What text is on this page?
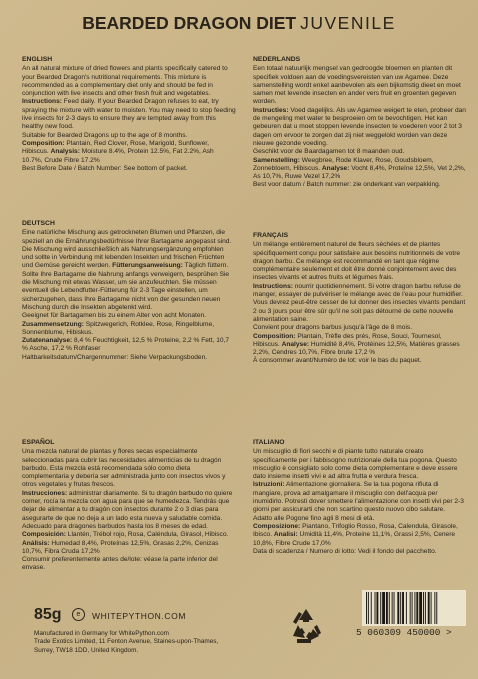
BEARDED DRAGON DIET JUVENILE
ENGLISH

An all natural mixture of dried flowers and plants specifically catered to your Bearded Dragon's nutritional requirements. This mixture is recommended as a complementary diet only and should be fed in conjunction with live insects and other fresh fruit and vegetables.

Instructions: Feed daily. If your Bearded Dragon refuses to eat, try spraying the mixture with water to moisten. You may need to stop feeding live insects for 2-3 days to ensure they are tempted away from this healthy new food.

Suitable for Bearded Dragons up to the age of 8 months.

Composition: Plantain, Red Clover, Rose, Marigold, Sunflower, Hibiscus. Analysis: Moisture 8.4%, Protein 12.5%, Fat 2.2%, Ash 10.7%, Crude Fibre 17.2%

Best Before Date / Batch Number: See bottom of packet.

DEUTSCH

Eine natürliche Mischung aus getrockneten Blumen und Pflanzen, die speziell an die Ernährungsbedürfnisse Ihrer Bartagame angepasst sind. Die Mischung wird ausschließlich als Nahrungsergänzung empfohlen und sollte in Verbindung mit lebenden Insekten und frischen Früchten und Gemüse gereicht werden. Fütterungsanweisung: Täglich füttern. Sollte Ihre Bartagame die Nahrung anfangs verweigern, besprühen Sie die Mischung mit etwas Wasser, um sie anzufeuchten. Sie müssen eventuell die Lebendfutter-Fütterung für 2-3 Tage einstellen, um sicherzugehen, dass Ihre Bartagame nicht von der gesunden neuen Mischung durch die Insekten abgelenkt wird.

Geeignet für Bartagamen bis zu einem Alter von acht Monaten.

Zusammensetzung: Spitzwegerich, Rotklee, Rose, Ringelblume, Sonnenblume, Hibiskus.

Zutatenanalyse: 8,4 % Feuchtigkeit, 12,5 % Proteine, 2,2 % Fett, 10,7 % Asche, 17,2 % Rohfaser

Haltbarkeitsdatum/Chargennummer: Siehe Verpackungsboden.

ESPAÑOL

Una mezcla natural de plantas y flores secas especialmente seleccionadas para cubrir las necesidades alimenticias de tu dragón barbudo. Esta mezcla está recomendada sólo como dieta complementaria y debería ser administrada junto con insectos vivos y otros vegetales y frutas frescos.

Instrucciones: administrar diariamente. Si tu dragón barbudo no quiere comer, rocía la mezcla con agua para que se humedezca. Tendrás que dejar de alimentar a tu dragón con insectos durante 2 o 3 días para asegurarte de que no deja a un lado esta nueva y saludable comida.

Adecuado para dragones barbudos hasta los 8 meses de edad.

Composición: Llantén, Trébol rojo, Rosa, Caléndula, Girasol, Hibisco. Análisis: Humedad 8,4%, Proteínas 12,5%, Grasas 2,2%, Cenizas 10,7%, Fibra Cruda 17,2%

Consumir preferentemente antes de/lote: véase la parte inferior del envase.

NEDERLANDS

Een totaal natuurlijk mengsel van gedroogde bloemen en planten dit specifiek voldoen aan de voedingsvereisten van uw Agamee. Deze samenstelling wordt enkel aanbevolen als een bijkomstig dieet en moet samen met levende insecten en ander vers fruit en groenten gegeven worden.

Instructies: Voed dagelijks. Als uw Agamee weigert te eten, probeer dan de mengeling met water te besproeien om te bevochtigen. Het kan gebeuren dat u moet stoppen levende insecten te voederen voor 2 tot 3 dagen om ervoor te zorgen dat zij niet weggelokt worden van deze nieuwe gezonde voeding.

Geschikt voor de Baardagamen tot 8 maanden oud.

Samenstelling: Weegbree, Rode Klaver, Rose, Goudsbloem, Zonnebloem, Hibiscus. Analyse: Vocht 8,4%, Proteïne 12,5%, Vet 2,2%, As 10,7%, Ruwe Vezel 17,2%

Best voor datum / Batch nummer: zie onderkant van verpakking.

FRANÇAIS

Un mélange entièrement naturel de fleurs séchées et de plantes spécifiquement conçu pour satisfaire aux besoins nutritionnels de votre dragon barbu. Ce mélange est recommandé en tant que régime complémentaire seulement et doit être donné conjointement avec des insectes vivants et autres fruits et légumes frais.

Instructions: nourrir quotidiennement. Si votre dragon barbu refuse de manger, essayer de pulvériser le mélange avec de l'eau pour humidifier. Vous devrez peut-être cesser de lui donner des insectes vivants pendant 2 ou 3 jours pour être sûr qu'il ne soit pas détourné de cette nouvelle alimentation saine.

Convient pour dragons barbus jusqu'à l'âge de 8 mois.

Composition: Plantain, Trèfle des prés, Rose, Souci, Tournesol, Hibiscus. Analyse: Humidité 8,4%, Protéines 12,5%, Matières grasses 2,2%, Cendres 10,7%, Fibre brute 17,2 %

À consommer avant/Numéro de lot: voir le bas du paquet.

ITALIANO

Un miscuglio di fiori secchi e di piante tutto naturale creato specificamente per i fabbisogno nutrizionale della tua pogona. Questo miscuglio è consigliato solo come dieta complementare e deve essere dato insieme insetti vivi e ad altra frutta e verdura fresca.

Istruzioni: Alimentazione giornaliera. Se la tua pogona rifiuta di mangiare, prova ad amalgamare il miscuglio con dell'acqua per inumidirlo. Potresti dover smettere l'alimentazione con insetti vivi per 2-3 giorni per assicurarti che non scartino questo nuovo cibo salutare.

Adatto alle Pogone fino agli 8 mesi di età.

Composizione: Piantano, Trifoglio Rosso, Rosa, Calendula, Girasole, Ibisco. Analisi: Umidità 11,4%, Proteine 11,1%, Grassi 2,5%, Cenere 10,8%, Fibre Crude 17,0%

Data di scadenza / Numero di lotto: Vedi il fondo del pacchetto.

85g	e	WHITEPYTHON.COM
Manufactured in Germany for WhitePython.com
Trade Exotics Limited, 11 Fenton Avenue, Staines-upon-Thames,
Surrey, TW18 1DD, United Kingdom.
5 060309 450000 >
